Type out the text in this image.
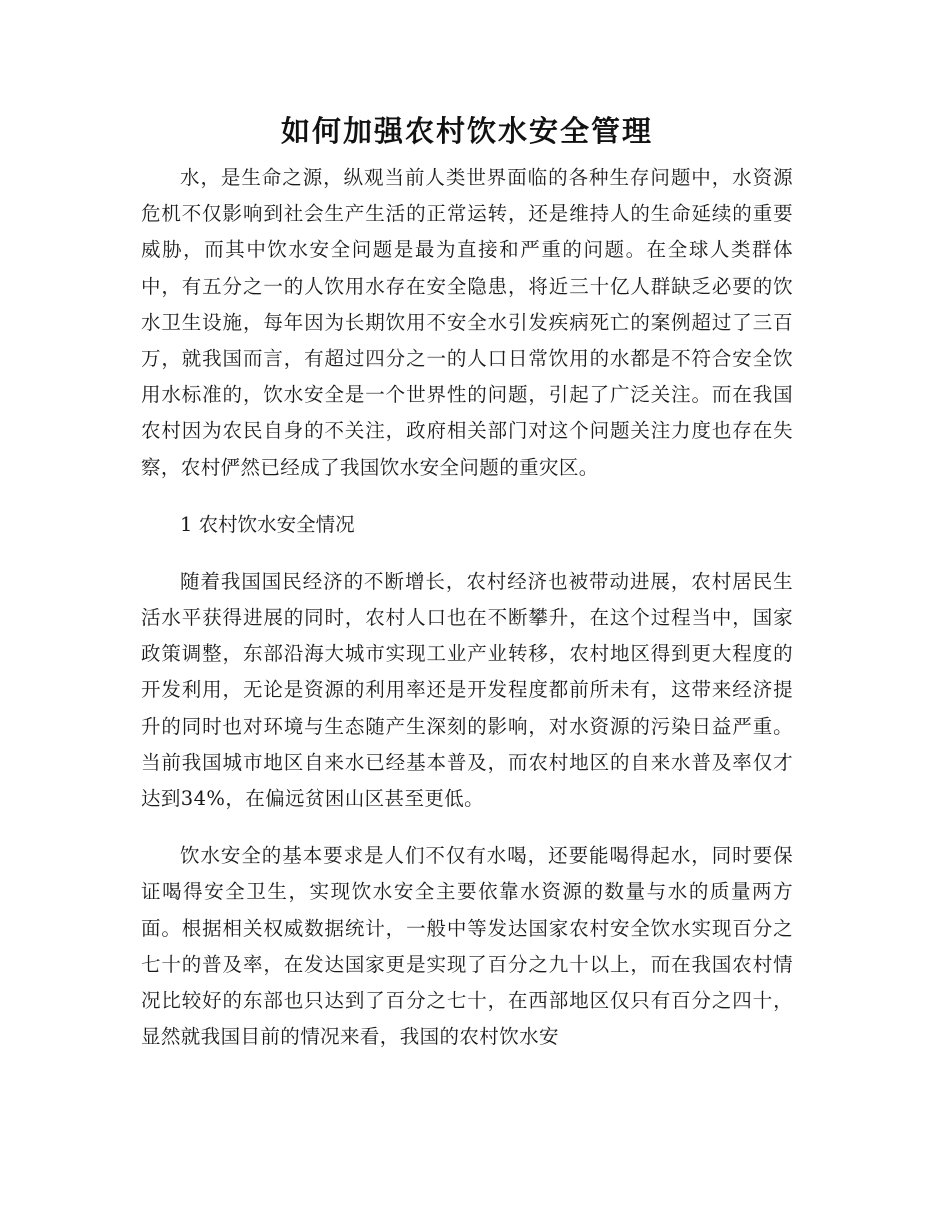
如何加强农村饮水安全管理

水，是生命之源，纵观当前人类世界面临的各种生存问题中，水资源危机不仅影响到社会生产生活的正常运转，还是维持人的生命延续的重要威胁，而其中饮水安全问题是最为直接和严重的问题。在全球人类群体中，有五分之一的人饮用水存在安全隐患，将近三十亿人群缺乏必要的饮水卫生设施，每年因为长期饮用不安全水引发疾病死亡的案例超过了三百万，就我国而言，有超过四分之一的人口日常饮用的水都是不符合安全饮用水标准的，饮水安全是一个世界性的问题，引起了广泛关注。而在我国农村因为农民自身的不关注，政府相关部门对这个问题关注力度也存在失察，农村俨然已经成了我国饮水安全问题的重灾区。

1 农村饮水安全情况

随着我国国民经济的不断增长，农村经济也被带动进展，农村居民生活水平获得进展的同时，农村人口也在不断攀升，在这个过程当中，国家政策调整，东部沿海大城市实现工业产业转移，农村地区得到更大程度的开发利用，无论是资源的利用率还是开发程度都前所未有，这带来经济提升的同时也对环境与生态随产生深刻的影响，对水资源的污染日益严重。当前我国城市地区自来水已经基本普及，而农村地区的自来水普及率仅才达到34%，在偏远贫困山区甚至更低。

饮水安全的基本要求是人们不仅有水喝，还要能喝得起水，同时要保证喝得安全卫生，实现饮水安全主要依靠水资源的数量与水的质量两方面。根据相关权威数据统计，一般中等发达国家农村安全饮水实现百分之七十的普及率，在发达国家更是实现了百分之九十以上，而在我国农村情况比较好的东部也只达到了百分之七十，在西部地区仅只有百分之四十，显然就我国目前的情况来看，我国的农村饮水安
